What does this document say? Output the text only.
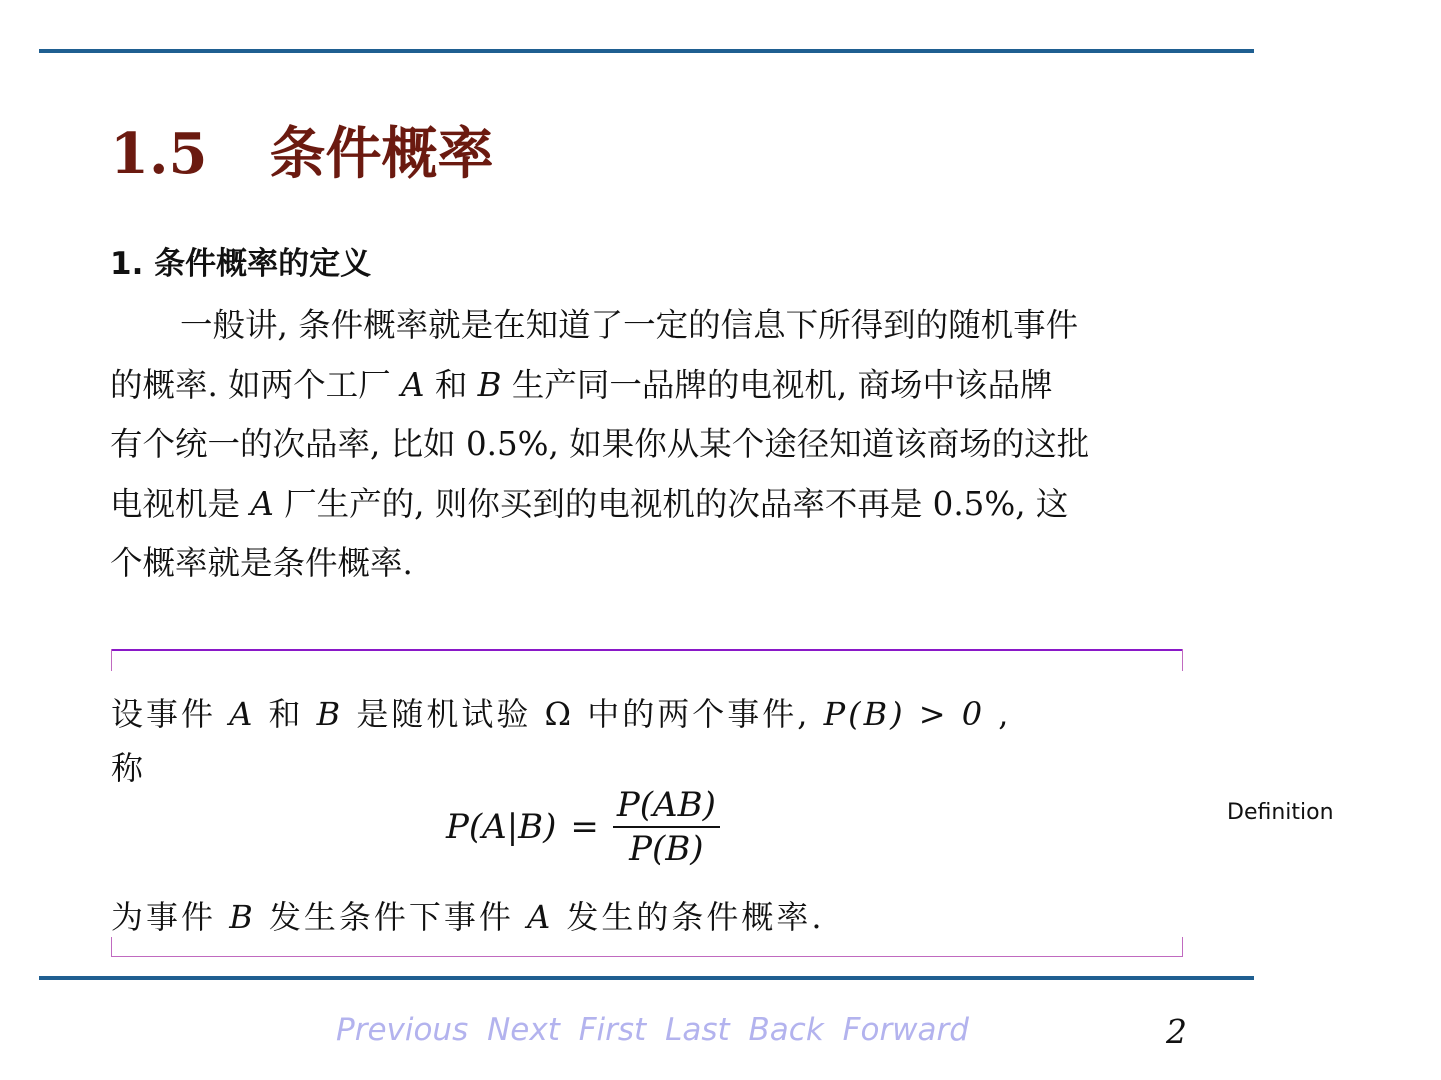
1.5 条件概率
1. 条件概率的定义
一般讲, 条件概率就是在知道了一定的信息下所得到的随机事件
的概率. 如两个工厂 A 和 B 生产同一品牌的电视机, 商场中该品牌
有个统一的次品率, 比如 0.5%, 如果你从某个途径知道该商场的这批
电视机是 A 厂生产的, 则你买到的电视机的次品率不再是 0.5%, 这
个概率就是条件概率.
设事件 A 和 B 是随机试验 Ω 中的两个事件, P(B) > 0 ,
称
$P(A|B) = \frac{P(AB)}{P(B)}$
为事件 B 发生条件下事件 A 发生的条件概率.
Definition
Previous Next First Last Back Forward	2
